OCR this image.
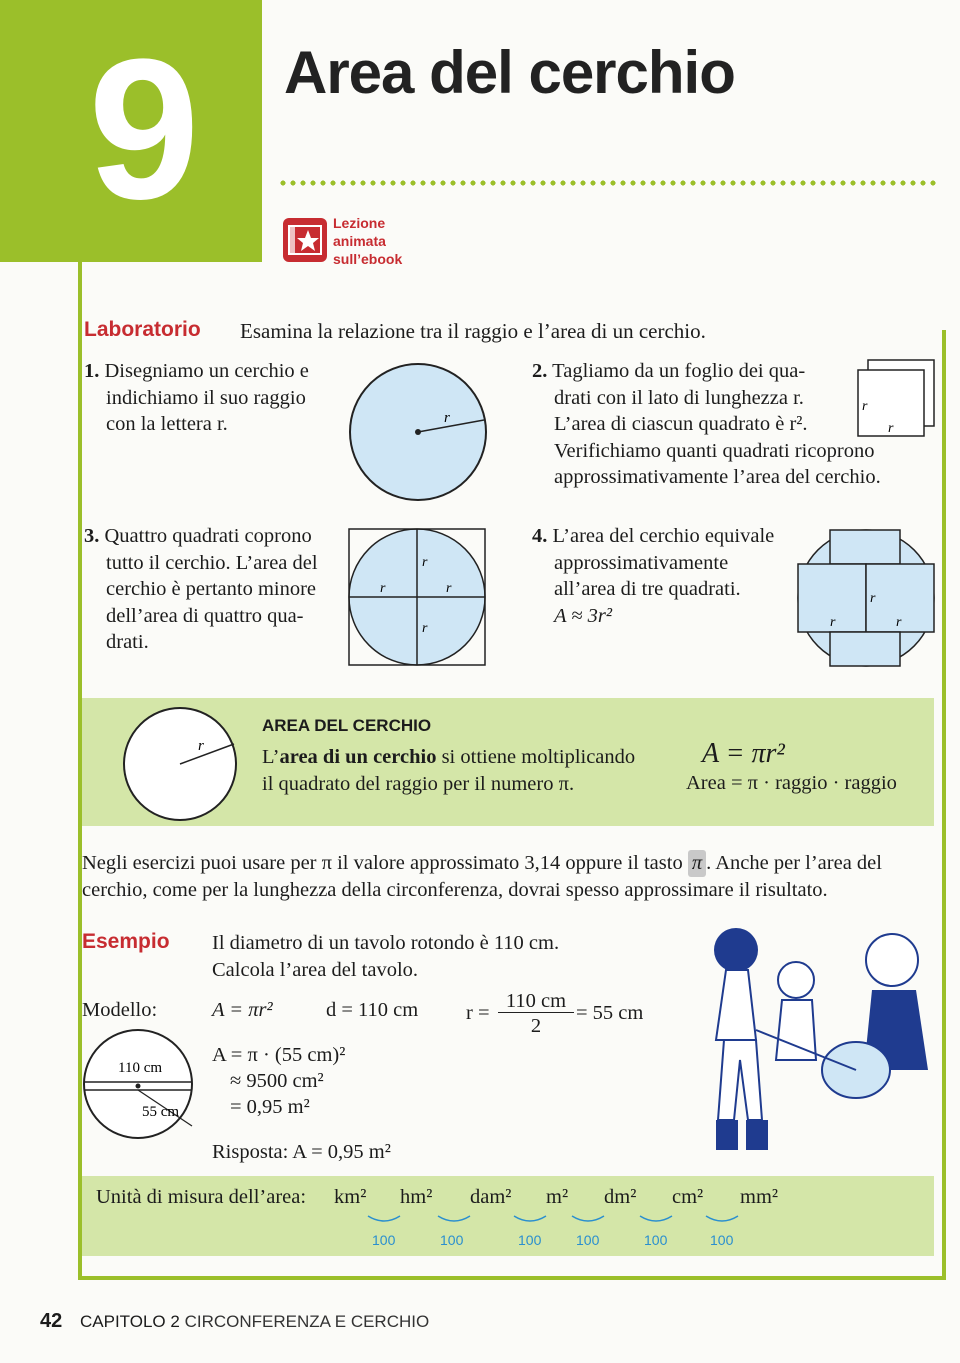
9 Area del cerchio
Lezione
animata
sull’ebook
Laboratorio Esamina la relazione tra il raggio e l’area di un cerchio.
1. Disegniamo un cerchio e
indichiamo il suo raggio
con la lettera r.	r
2. Tagliamo da un foglio dei qua-
drati con il lato di lunghezza r.
L’area di ciascun quadrato è r².
Verifichiamo quanti quadrati ricoprono
approssimativamente l’area del cerchio.
r
r
3. Quattro quadrati coprono
tutto il cerchio. L’area del
cerchio è pertanto minore
dell’area di quattro qua-
drati.
r
r	r
r
4. L’area del cerchio equivale
approssimativamente
all’area di tre quadrati.
A ≈ 3r²
r
r	r
r
AREA DEL CERCHIO
L’area di un cerchio si ottiene moltiplicando
il quadrato del raggio per il numero π.
A = πr²
Area = π · raggio · raggio
Negli esercizi puoi usare per π il valore approssimato 3,14 oppure il tasto π . Anche per l’area del cerchio, come per la lunghezza della circonferenza, dovrai spesso approssimare il risultato.
Esempio Il diametro di un tavolo rotondo è 110 cm.
Calcola l’area del tavolo.
Modello:	A = πr²	d = 110 cm r =
110 cm
2
= 55 cm
110 cm
55 cm
A = π · (55 cm)²
≈ 9500 cm²
= 0,95 m²
Risposta: A = 0,95 m²
Unità di misura dell’area: km² hm² dam² m² dm² cm² mm²
100	100	100 100	100	100
42 CAPITOLO 2 CIRCONFERENZA E CERCHIO
